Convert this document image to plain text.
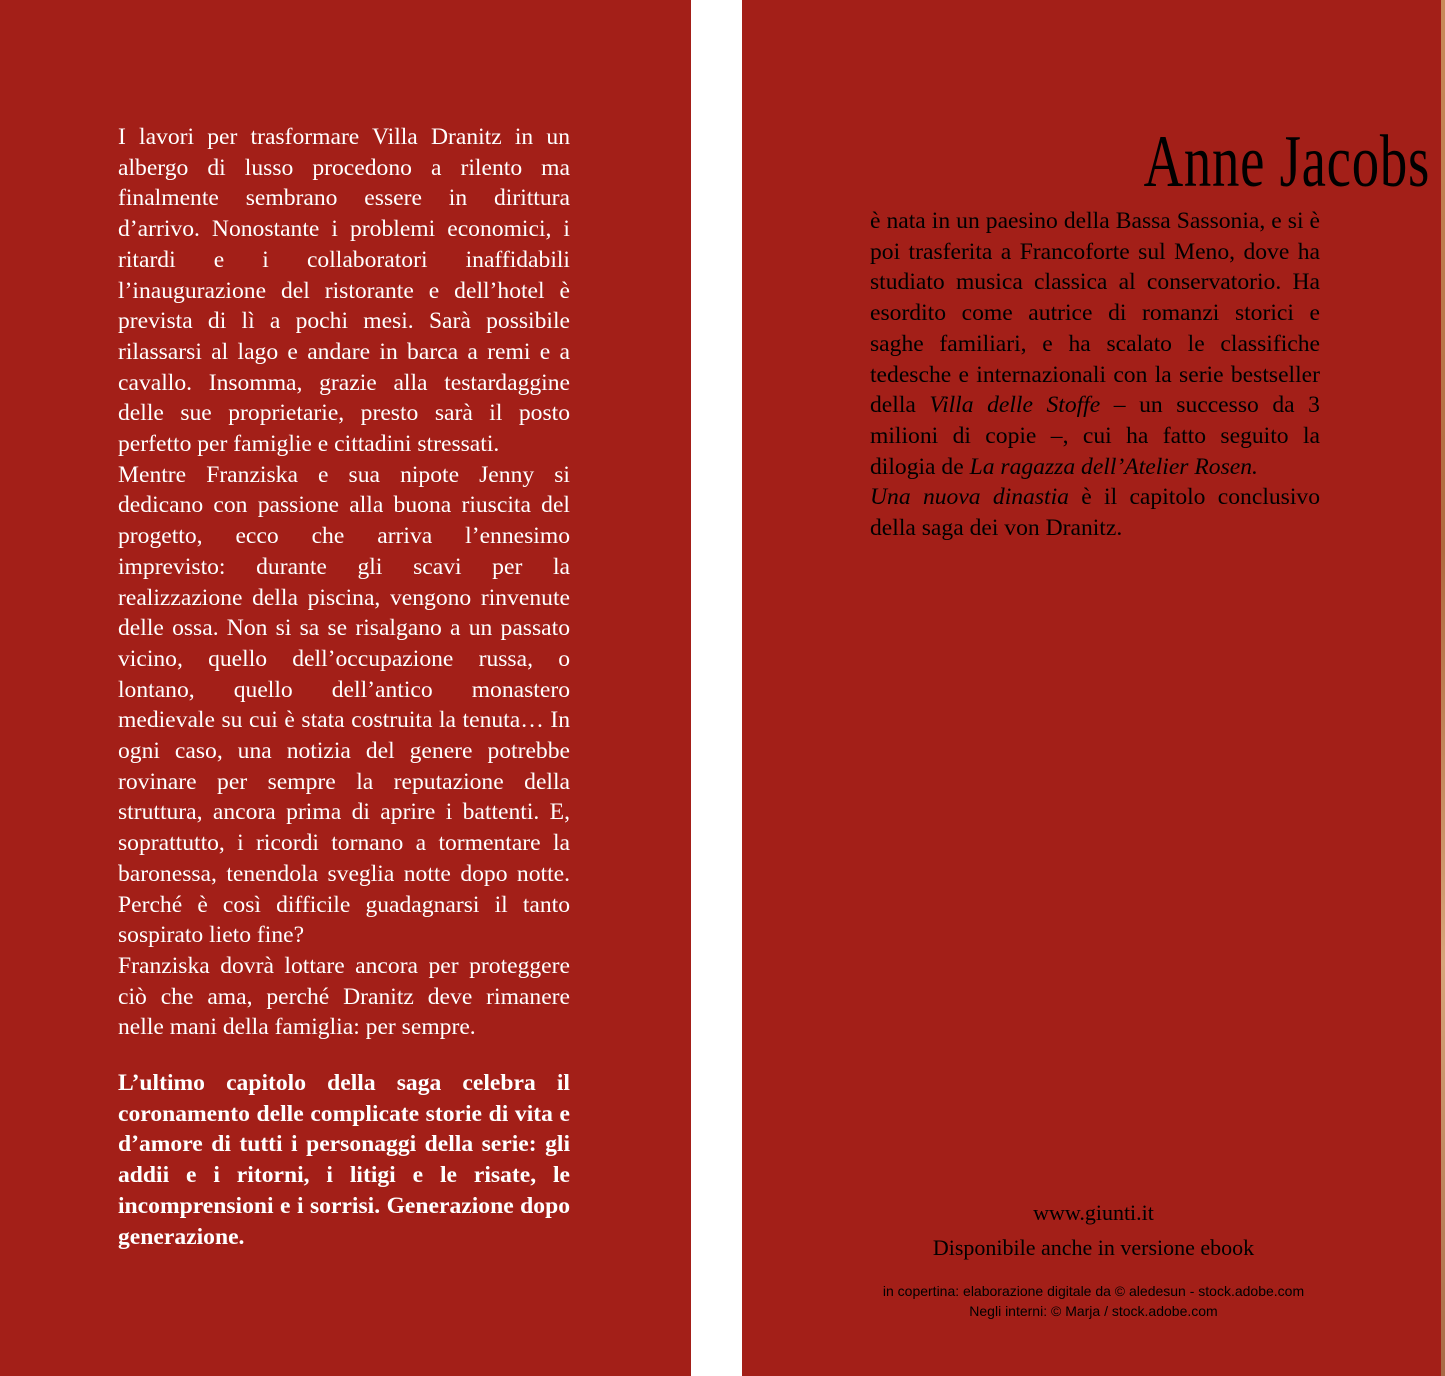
I lavori per trasformare Villa Dranitz in un albergo di lusso procedono a rilento ma finalmente sembrano essere in dirittura d’arrivo. Nonostante i problemi economici, i ritardi e i collaboratori inaffidabili l’inaugurazione del ristorante e dell’hotel è prevista di lì a pochi mesi. Sarà possibile rilassarsi al lago e andare in barca a remi e a cavallo. Insomma, grazie alla testardaggine delle sue proprietarie, presto sarà il posto perfetto per famiglie e cittadini stressati.

Mentre Franziska e sua nipote Jenny si dedicano con passione alla buona riuscita del progetto, ecco che arriva l’ennesimo imprevisto: durante gli scavi per la realizzazione della piscina, vengono rinvenute delle ossa. Non si sa se risalgano a un passato vicino, quello dell’occupazione russa, o lontano, quello dell’antico monastero medievale su cui è stata costruita la tenuta… In ogni caso, una notizia del genere potrebbe rovinare per sempre la reputazione della struttura, ancora prima di aprire i battenti. E, soprattutto, i ricordi tornano a tormentare la baronessa, tenendola sveglia notte dopo notte. Perché è così difficile guadagnarsi il tanto sospirato lieto fine?

Franziska dovrà lottare ancora per proteggere ciò che ama, perché Dranitz deve rimanere nelle mani della famiglia: per sempre.

L’ultimo capitolo della saga celebra il coronamento delle complicate storie di vita e d’amore di tutti i personaggi della serie: gli addii e i ritorni, i litigi e le risate, le incomprensioni e i sorrisi. Generazione dopo generazione.

Anne Jacobs

è nata in un paesino della Bassa Sassonia, e si è poi trasferita a Francoforte sul Meno, dove ha studiato musica classica al conservatorio. Ha esordito come autrice di romanzi storici e saghe familiari, e ha scalato le classifiche tedesche e internazionali con la serie bestseller della Villa delle Stoffe – un successo da 3 milioni di copie –, cui ha fatto seguito la dilogia de La ragazza dell’Atelier Rosen.
Una nuova dinastia è il capitolo conclusivo della saga dei von Dranitz.

www.giunti.it

Disponibile anche in versione ebook

in copertina: elaborazione digitale da © aledesun - stock.adobe.com
Negli interni: © Marja / stock.adobe.com
